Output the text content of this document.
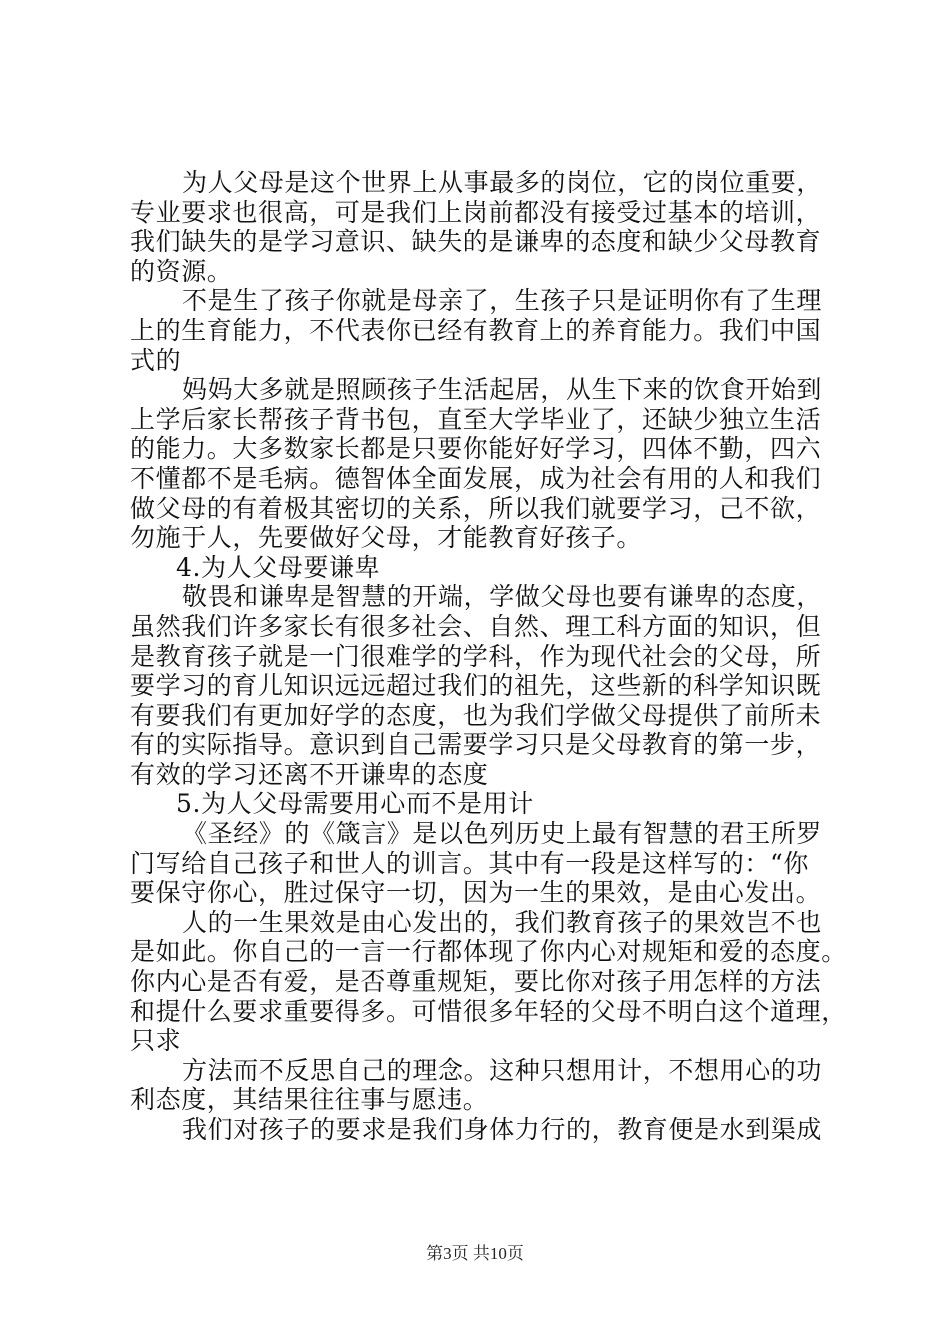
为人父母是这个世界上从事最多的岗位，它的岗位重要，
专业要求也很高，可是我们上岗前都没有接受过基本的培训，
我们缺失的是学习意识、缺失的是谦卑的态度和缺少父母教育
的资源。
不是生了孩子你就是母亲了，生孩子只是证明你有了生理
上的生育能力，不代表你已经有教育上的养育能力。我们中国
式的
妈妈大多就是照顾孩子生活起居，从生下来的饮食开始到
上学后家长帮孩子背书包，直至大学毕业了，还缺少独立生活
的能力。大多数家长都是只要你能好好学习，四体不勤，四六
不懂都不是毛病。德智体全面发展，成为社会有用的人和我们
做父母的有着极其密切的关系，所以我们就要学习，己不欲，
勿施于人，先要做好父母，才能教育好孩子。
4.为人父母要谦卑
敬畏和谦卑是智慧的开端，学做父母也要有谦卑的态度，
虽然我们许多家长有很多社会、自然、理工科方面的知识，但
是教育孩子就是一门很难学的学科，作为现代社会的父母，所
要学习的育儿知识远远超过我们的祖先，这些新的科学知识既
有要我们有更加好学的态度，也为我们学做父母提供了前所未
有的实际指导。意识到自己需要学习只是父母教育的第一步，
有效的学习还离不开谦卑的态度
5.为人父母需要用心而不是用计
《圣经》的《箴言》是以色列历史上最有智慧的君王所罗
门写给自己孩子和世人的训言。其中有一段是这样写的：“你
要保守你心，胜过保守一切，因为一生的果效，是由心发出。
人的一生果效是由心发出的，我们教育孩子的果效岂不也
是如此。你自己的一言一行都体现了你内心对规矩和爱的态度。
你内心是否有爱，是否尊重规矩，要比你对孩子用怎样的方法
和提什么要求重要得多。可惜很多年轻的父母不明白这个道理，
只求
方法而不反思自己的理念。这种只想用计，不想用心的功
利态度，其结果往往事与愿违。
我们对孩子的要求是我们身体力行的，教育便是水到渠成
第3页 共10页
